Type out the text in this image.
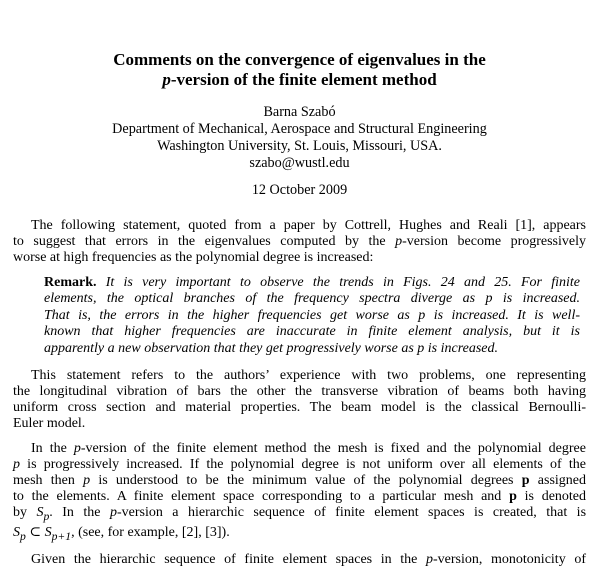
Comments on the convergence of eigenvalues in the
p-version of the finite element method
Barna Szabó
Department of Mechanical, Aerospace and Structural Engineering
Washington University, St. Louis, Missouri, USA.
szabo@wustl.edu
12 October 2009
The following statement, quoted from a paper by Cottrell, Hughes and Reali [1], appears
to suggest that errors in the eigenvalues computed by the p-version become progressively
worse at high frequencies as the polynomial degree is increased:
Remark. It is very important to observe the trends in Figs. 24 and 25. For finite
elements, the optical branches of the frequency spectra diverge as p is increased.
That is, the errors in the higher frequencies get worse as p is increased. It is well-
known that higher frequencies are inaccurate in finite element analysis, but it is
apparently a new observation that they get progressively worse as p is increased.
This statement refers to the authors’ experience with two problems, one representing
the longitudinal vibration of bars the other the transverse vibration of beams both having
uniform cross section and material properties. The beam model is the classical Bernoulli-
Euler model.
In the p-version of the finite element method the mesh is fixed and the polynomial degree
p is progressively increased. If the polynomial degree is not uniform over all elements of the
mesh then p is understood to be the minimum value of the polynomial degrees p assigned
to the elements. A finite element space corresponding to a particular mesh and p is denoted
by $S_p$. In the p-version a hierarchic sequence of finite element spaces is created, that is
$S_p$ ⊂ $S_{p+1}$, (see, for example, [2], [3]).
Given the hierarchic sequence of finite element spaces in the p-version, monotonicity of
